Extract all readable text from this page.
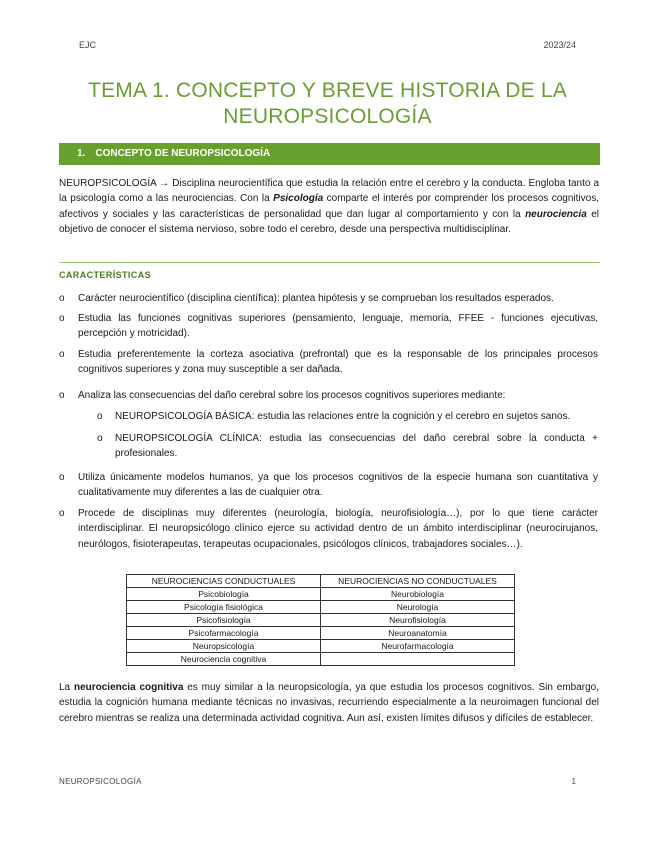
EJC	2023/24
TEMA 1. CONCEPTO Y BREVE HISTORIA DE LA
NEUROPSICOLOGÍA
1. CONCEPTO DE NEUROPSICOLOGÍA
NEUROPSICOLOGÍA → Disciplina neurocientífica que estudia la relación entre el cerebro y la conducta. Engloba tanto a la psicología como a las neurociencias. Con la Psicología comparte el interés por comprender los procesos cognitivos, afectivos y sociales y las características de personalidad que dan lugar al comportamiento y con la neurociencia el objetivo de conocer el sistema nervioso, sobre todo el cerebro, desde una perspectiva multidisciplinar.
CARACTERÍSTICAS
o Carácter neurocientífico (disciplina científica): plantea hipótesis y se comprueban los resultados esperados.
o Estudia las funciones cognitivas superiores (pensamiento, lenguaje, memoria, FFEE - funciones ejecutivas, percepción y motricidad).
o Estudia preferentemente la corteza asociativa (prefrontal) que es la responsable de los principales procesos cognitivos superiores y zona muy susceptible a ser dañada.
o Analiza las consecuencias del daño cerebral sobre los procesos cognitivos superiores mediante:
o NEUROPSICOLOGÍA BÁSICA: estudia las relaciones entre la cognición y el cerebro en sujetos sanos.
o NEUROPSICOLOGÍA CLÍNICA: estudia las consecuencias del daño cerebral sobre la conducta + profesionales.
o Utiliza únicamente modelos humanos, ya que los procesos cognitivos de la especie humana son cuantitativa y cualitativamente muy diferentes a las de cualquier otra.
o Procede de disciplinas muy diferentes (neurología, biología, neurofisiología…), por lo que tiene carácter interdisciplinar. El neuropsicólogo clínico ejerce su actividad dentro de un ámbito interdisciplinar (neurocirujanos, neurólogos, fisioterapeutas, terapeutas ocupacionales, psicólogos clínicos, trabajadores sociales…).
NEUROCIENCIAS CONDUCTUALES	NEUROCIENCIAS NO CONDUCTUALES
Psicobiología	Neurobiología
Psicología fisiológica	Neurología
Psicofisiología	Neurofisiología
Psicofarmacología	Neuroanatomía
Neuropsicología	Neurofarmacología
Neurociencia cognitiva	
La neurociencia cognitiva es muy similar a la neuropsicología, ya que estudia los procesos cognitivos. Sin embargo, estudia la cognición humana mediante técnicas no invasivas, recurriendo especialmente a la neuroimagen funcional del cerebro mientras se realiza una determinada actividad cognitiva. Aun así, existen límites difusos y difíciles de establecer.
NEUROPSICOLOGÍA	1
